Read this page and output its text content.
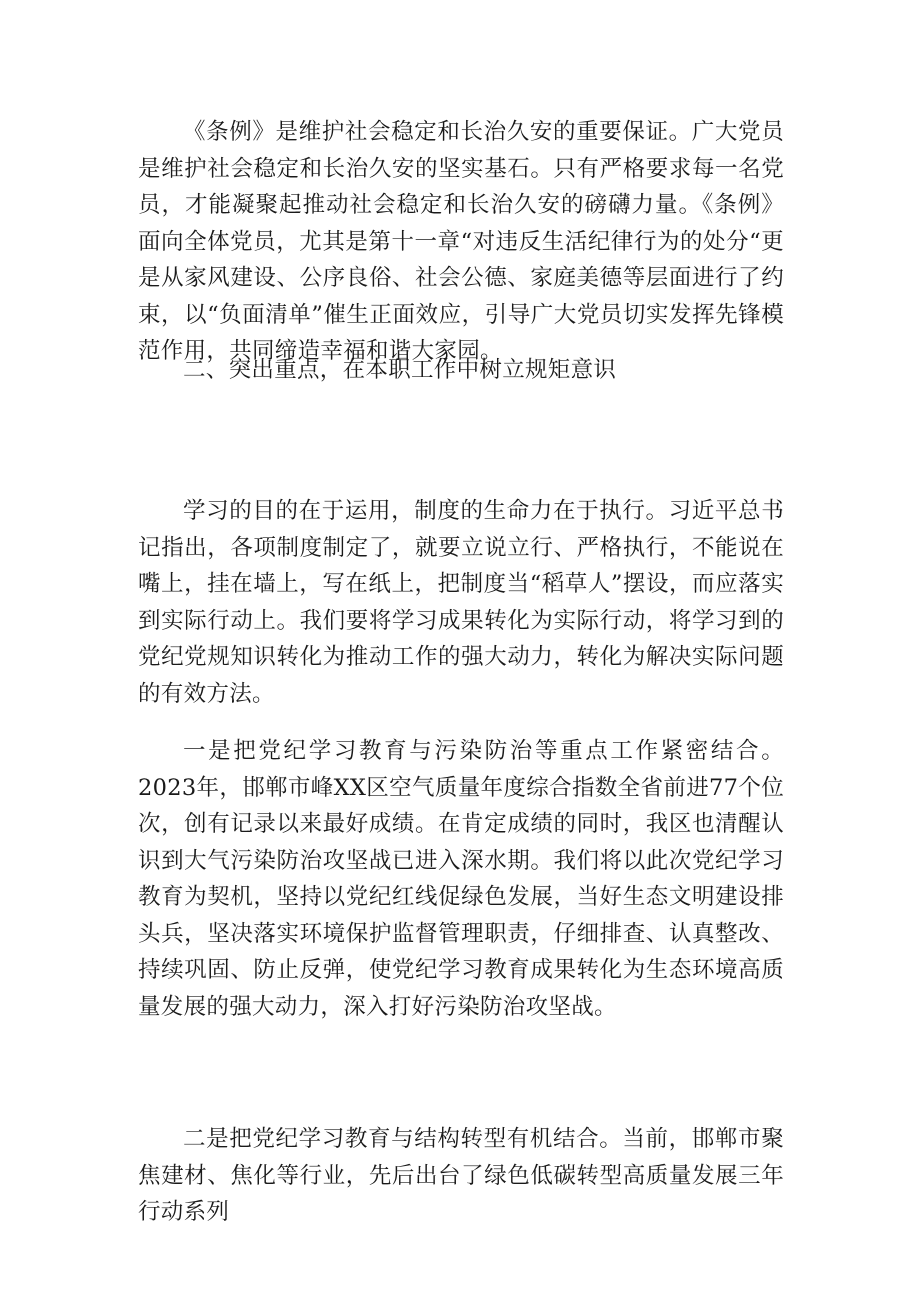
《条例》是维护社会稳定和长治久安的重要保证。广大党员是维护社会稳定和长治久安的坚实基石。只有严格要求每一名党员，才能凝聚起推动社会稳定和长治久安的磅礴力量。《条例》面向全体党员，尤其是第十一章“对违反生活纪律行为的处分“更是从家风建设、公序良俗、社会公德、家庭美德等层面进行了约束，以“负面清单”催生正面效应，引导广大党员切实发挥先锋模范作用，共同缔造幸福和谐大家园。

二、突出重点，在本职工作中树立规矩意识

学习的目的在于运用，制度的生命力在于执行。习近平总书记指出，各项制度制定了，就要立说立行、严格执行，不能说在嘴上，挂在墙上，写在纸上，把制度当“稻草人”摆设，而应落实到实际行动上。我们要将学习成果转化为实际行动，将学习到的党纪党规知识转化为推动工作的强大动力，转化为解决实际问题的有效方法。

一是把党纪学习教育与污染防治等重点工作紧密结合。2023年，邯郸市峰XX区空气质量年度综合指数全省前进77个位次，创有记录以来最好成绩。在肯定成绩的同时，我区也清醒认识到大气污染防治攻坚战已进入深水期。我们将以此次党纪学习教育为契机，坚持以党纪红线促绿色发展，当好生态文明建设排头兵，坚决落实环境保护监督管理职责，仔细排查、认真整改、持续巩固、防止反弹，使党纪学习教育成果转化为生态环境高质量发展的强大动力，深入打好污染防治攻坚战。

二是把党纪学习教育与结构转型有机结合。当前，邯郸市聚焦建材、焦化等行业，先后出台了绿色低碳转型高质量发展三年行动系列
